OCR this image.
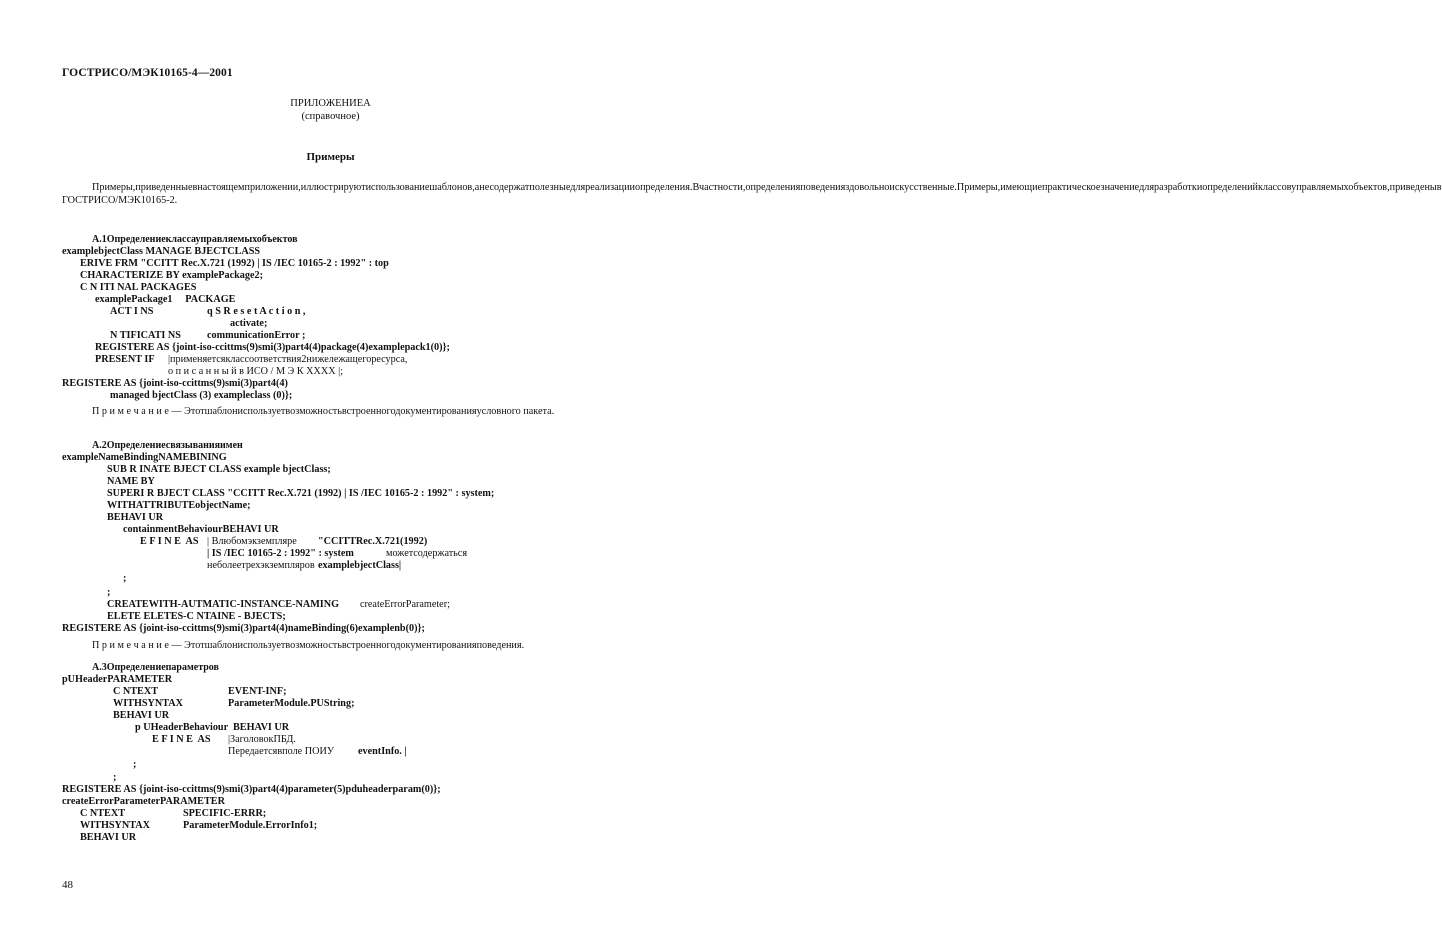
ГОСТРИСО/МЭК10165-4—2001
ПРИЛОЖЕНИЕА
(справочное)
Примеры
Примеры,приведенныевнастоящемприложении,иллюстрируютиспользованиешаблонов,анесодержатполезныедляреализацииопределения.Вчастности,определенияповеденияздовольноискусственные.Примеры,имеющиепрактическоезначениедляразработкиопределенийклассовуправляемыхобъектов,приведеныв ГОСТРИСО/МЭК10165-2.
А.1Определениеклассауправляемыхобъектов
examplebjectClass MANAGE BJECTCLASS
ERIVE FRM "CCITT Rec.X.721 (1992) | IS /IEC 10165-2 : 1992" : top
CHARACTERIZE BY examplePackage2;
C N ITI NAL PACKAGES
examplePackage1     PACKAGE
ACT I NS	q S R e s e t A c t i o n ,
activate;
N TIFICATI NS	communicationError ;
REGISTERE AS {joint-iso-ccittms(9)smi(3)part4(4)package(4)examplepack1(0)};
PRESENT IF |применяетсяклассоответствия2нижележащегоресурса,
о п и с а н н ы й в ИСО / М Э К ХХХХ |;
REGISTERE AS {joint-iso-ccittms(9)smi(3)part4(4)
managed bjectClass (3) exampleclass (0)};
П р и м е ч а н и е — Этотшаблониспользуетвозможностьвстроенногодокументированияусловного пакета.
А.2Определениесвязыванияимен
exampleNameBindingNAMEBINING
SUB R INATE BJECT CLASS example bjectClass;
NAME BY
SUPERI R BJECT CLASS "CCITT Rec.X.721 (1992) | IS /IEC 10165-2 : 1992" : system;
WITHATTRIBUTEobjectName;
BEHAVI UR
containmentBehaviourBEHAVI UR
E F I N E  AS | Влюбомэкземпляре "CCITTRec.X.721(1992)
| IS /IEC 10165-2 : 1992" : system	можетсодержаться
неболеетрехэкземпляров examplebjectClass|
;
;
CREATEWITH-AUTMATIC-INSTANCE-NAMING createErrorParameter;
ELETE ELETES-C NTAINE - BJECTS;
REGISTERE AS {joint-iso-ccittms(9)smi(3)part4(4)nameBinding(6)examplenb(0)};
П р и м е ч а н и е — Этотшаблониспользуетвозможностьвстроенногодокументированияповедения.
А.3Определениепараметров
pUHeaderPARAMETER
C NTEXT	EVENT-INF;
WITHSYNTAX	ParameterModule.PUString;
BEHAVI UR
p UHeaderBehaviour  BEHAVI UR
E F I N E  AS |ЗаголовокПБД.
Передаетсявполе ПОИУ eventInfo. |
;
;
REGISTERE AS {joint-iso-ccittms(9)smi(3)part4(4)parameter(5)pduheaderparam(0)};
createErrorParameterPARAMETER
C NTEXT	SPECIFIC-ERRR;
WITHSYNTAX	ParameterModule.ErrorInfo1;
BEHAVI UR
48
